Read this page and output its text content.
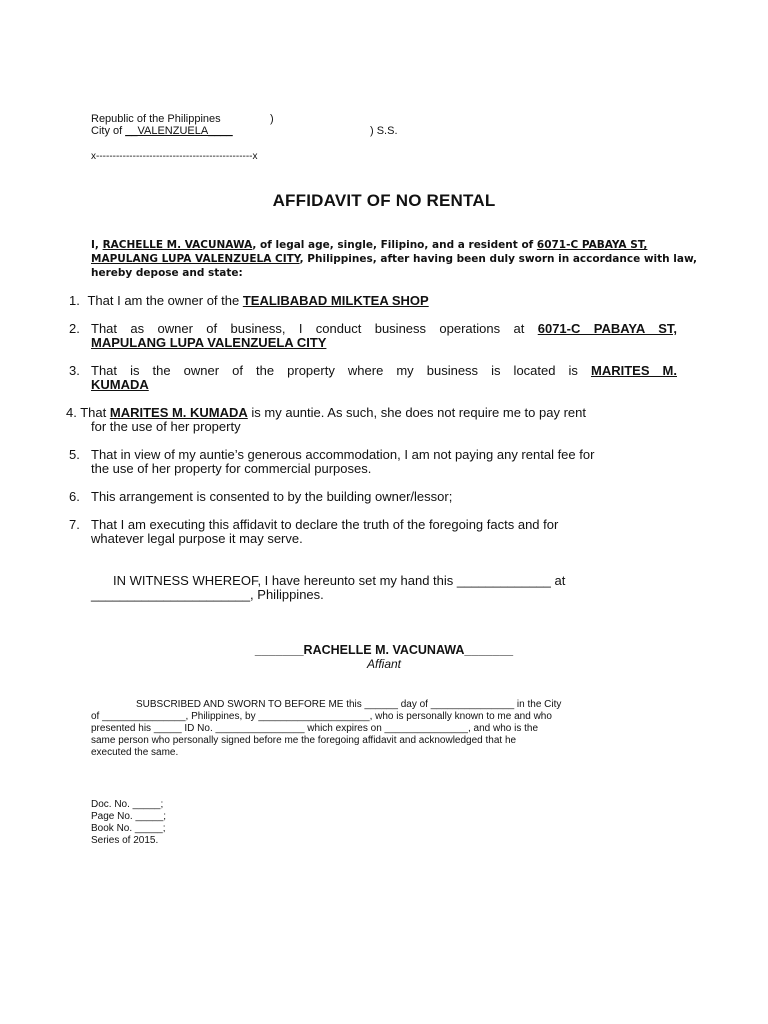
Republic of the Philippines	)
City of __VALENZUELA____	) S.S.
x-----------------------------------------------x
AFFIDAVIT OF NO RENTAL
I, RACHELLE M. VACUNAWA, of legal age, single, Filipino, and a resident of 6071-C PABAYA ST,
MAPULANG LUPA VALENZUELA CITY, Philippines, after having been duly sworn in accordance with law,
hereby depose and state:
1. That I am the owner of the TEALIBABAD MILKTEA SHOP
2. That as owner of business, I conduct business operations at 6071-C PABAYA ST,
MAPULANG LUPA VALENZUELA CITY
3. That is the owner of the property where my business is located is MARITES M.
KUMADA
4. That MARITES M. KUMADA is my auntie. As such, she does not require me to pay rent
for the use of her property
5. That in view of my auntie’s generous accommodation, I am not paying any rental fee for
the use of her property for commercial purposes.
6. This arrangement is consented to by the building owner/lessor;
7. That I am executing this affidavit to declare the truth of the foregoing facts and for
whatever legal purpose it may serve.
IN WITNESS WHEREOF, I have hereunto set my hand this _____________ at
______________________, Philippines.
_______RACHELLE M. VACUNAWA_______
Affiant
SUBSCRIBED AND SWORN TO BEFORE ME this ______ day of _______________ in the City
of _______________, Philippines, by ____________________, who is personally known to me and who
presented his _____ ID No. ________________ which expires on _______________, and who is the
same person who personally signed before me the foregoing affidavit and acknowledged that he
executed the same.
Doc. No. _____;
Page No. _____;
Book No. _____;
Series of 2015.
